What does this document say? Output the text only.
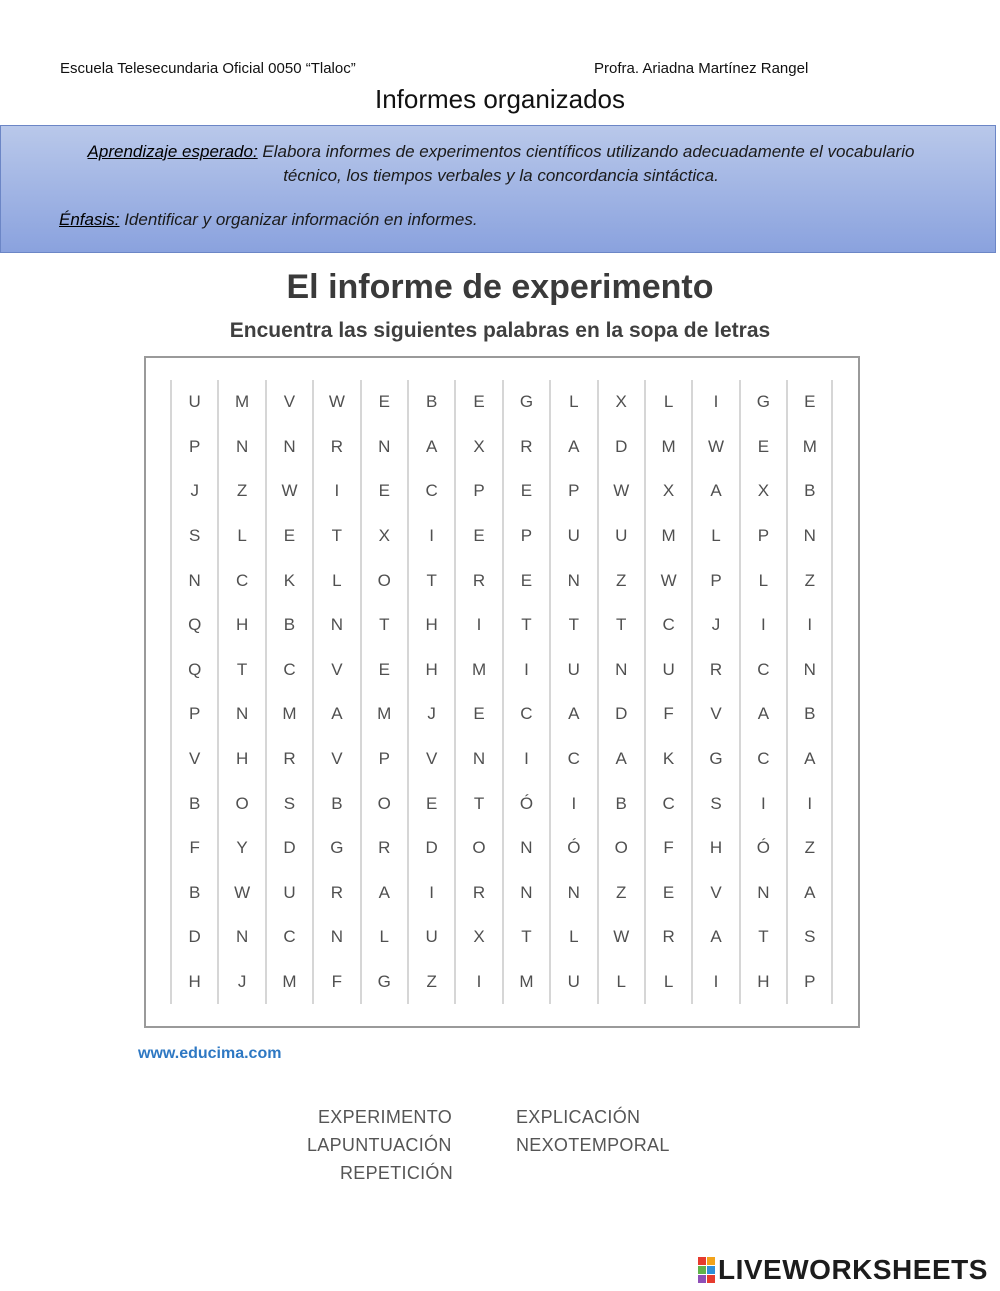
Escuela Telesecundaria Oficial 0050 “Tlaloc”	Profra. Ariadna Martínez Rangel
Informes organizados
Aprendizaje esperado: Elabora informes de experimentos científicos utilizando adecuadamente el vocabulario técnico, los tiempos verbales y la concordancia sintáctica.
Énfasis: Identificar y organizar información en informes.
El informe de experimento
Encuentra las siguientes palabras en la sopa de letras
U	M	V	W	E	B	E	G	L	X	L	I	G	E
P	N	N	R	N	A	X	R	A	D	M	W	E	M
J	Z	W	I	E	C	P	E	P	W	X	A	X	B
S	L	E	T	X	I	E	P	U	U	M	L	P	N
N	C	K	L	O	T	R	E	N	Z	W	P	L	Z
Q	H	B	N	T	H	I	T	T	T	C	J	I	I
Q	T	C	V	E	H	M	I	U	N	U	R	C	N
P	N	M	A	M	J	E	C	A	D	F	V	A	B
V	H	R	V	P	V	N	I	C	A	K	G	C	A
B	O	S	B	O	E	T	Ó	I	B	C	S	I	I
F	Y	D	G	R	D	O	N	Ó	O	F	H	Ó	Z
B	W	U	R	A	I	R	N	N	Z	E	V	N	A
D	N	C	N	L	U	X	T	L	W	R	A	T	S
H	J	M	F	G	Z	I	M	U	L	L	I	H	P
www.educima.com
EXPERIMENTO	EXPLICACIÓN
LAPUNTUACIÓN	NEXOTEMPORAL
REPETICIÓN
LIVEWORKSHEETS
